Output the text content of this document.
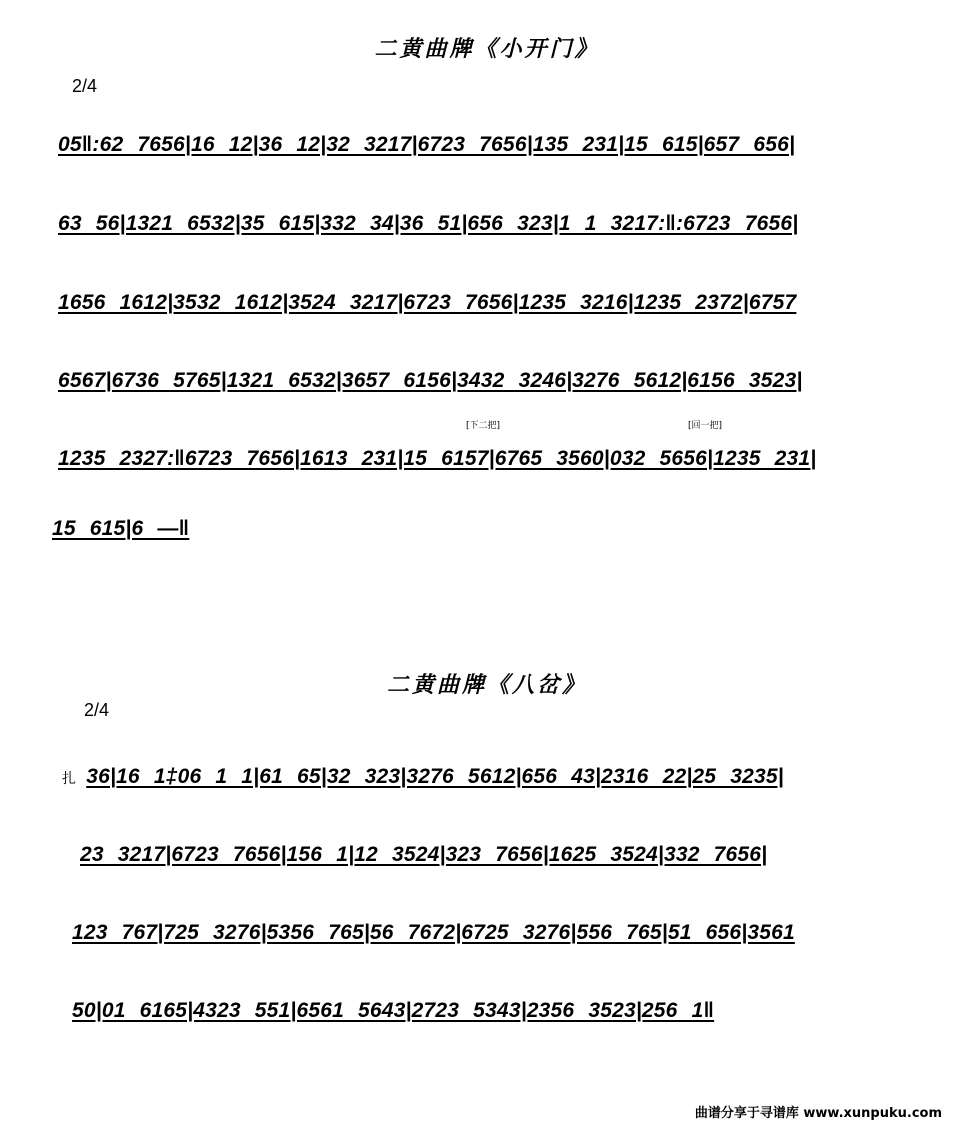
二黄曲牌《小开门》
2/4
05‖:62 7656|16 12|36 12|32 3217|6723 7656|135 231|15 615|657 656|
63 56|1321 6532|35 615|332 34|36 51|656 323|1 1 3217:‖:6723 7656|
1656 1612|3532 1612|3524 3217|6723 7656|1235 3216|1235 2372|6757
6567|6736 5765|1321 6532|3657 6156|3432 3246|3276 5612|6156 3523|
[下二把]	[回一把]
1235 2327:‖6723 7656|1613 231|15 6157|6765 3560|032 5656|1235 231|
15 615|6 —‖
二黄曲牌《八岔》
2/4
扎 36|16 1‡06 1 1|61 65|32 323|3276 5612|656 43|2316 22|25 3235|
23 3217|6723 7656|156 1|12 3524|323 7656|1625 3524|332 7656|
123 767|725 3276|5356 765|56 7672|6725 3276|556 765|51 656|3561
50|01 6165|4323 551|6561 5643|2723 5343|2356 3523|256 1‖
曲谱分享于寻谱库 www.xunpuku.com
